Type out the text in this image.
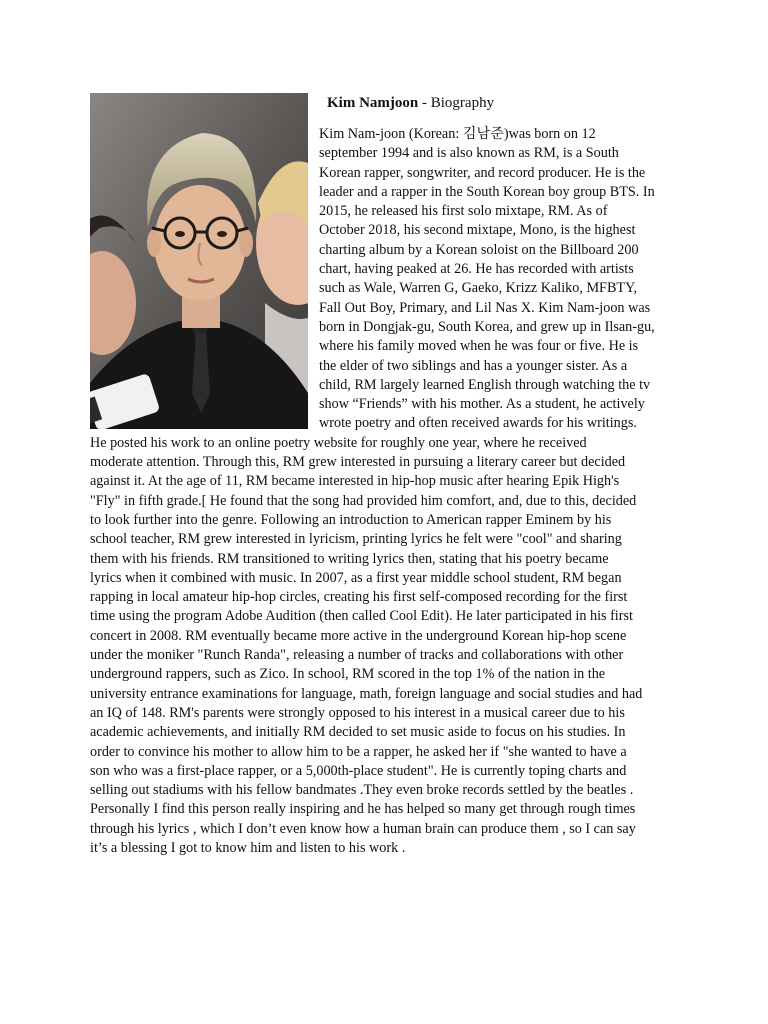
Kim Namjoon - Biography
Kim Nam-joon (Korean: 김남준)was born on 12
september 1994 and is also known as RM, is a South
Korean rapper, songwriter, and record producer. He is the
leader and a rapper in the South Korean boy group BTS. In
2015, he released his first solo mixtape, RM. As of
October 2018, his second mixtape, Mono, is the highest
charting album by a Korean soloist on the Billboard 200
chart, having peaked at 26. He has recorded with artists
such as Wale, Warren G, Gaeko, Krizz Kaliko, MFBTY,
Fall Out Boy, Primary, and Lil Nas X. Kim Nam-joon was
born in Dongjak-gu, South Korea, and grew up in Ilsan-gu,
where his family moved when he was four or five. He is
the elder of two siblings and has a younger sister. As a
child, RM largely learned English through watching the tv
show “Friends” with his mother. As a student, he actively
wrote poetry and often received awards for his writings.
He posted his work to an online poetry website for roughly one year, where he received
moderate attention. Through this, RM grew interested in pursuing a literary career but decided
against it. At the age of 11, RM became interested in hip-hop music after hearing Epik High's
"Fly" in fifth grade.[ He found that the song had provided him comfort, and, due to this, decided
to look further into the genre. Following an introduction to American rapper Eminem by his
school teacher, RM grew interested in lyricism, printing lyrics he felt were "cool" and sharing
them with his friends. RM transitioned to writing lyrics then, stating that his poetry became
lyrics when it combined with music. In 2007, as a first year middle school student, RM began
rapping in local amateur hip-hop circles, creating his first self-composed recording for the first
time using the program Adobe Audition (then called Cool Edit). He later participated in his first
concert in 2008. RM eventually became more active in the underground Korean hip-hop scene
under the moniker "Runch Randa", releasing a number of tracks and collaborations with other
underground rappers, such as Zico. In school, RM scored in the top 1% of the nation in the
university entrance examinations for language, math, foreign language and social studies and had
an IQ of 148. RM's parents were strongly opposed to his interest in a musical career due to his
academic achievements, and initially RM decided to set music aside to focus on his studies. In
order to convince his mother to allow him to be a rapper, he asked her if "she wanted to have a
son who was a first-place rapper, or a 5,000th-place student". He is currently toping charts and
selling out stadiums with his fellow bandmates .They even broke records settled by the beatles .
Personally I find this person really inspiring and he has helped so many get through rough times
through his lyrics , which I don’t even know how a human brain can produce them , so I can say
it’s a blessing I got to know him and listen to his work .
